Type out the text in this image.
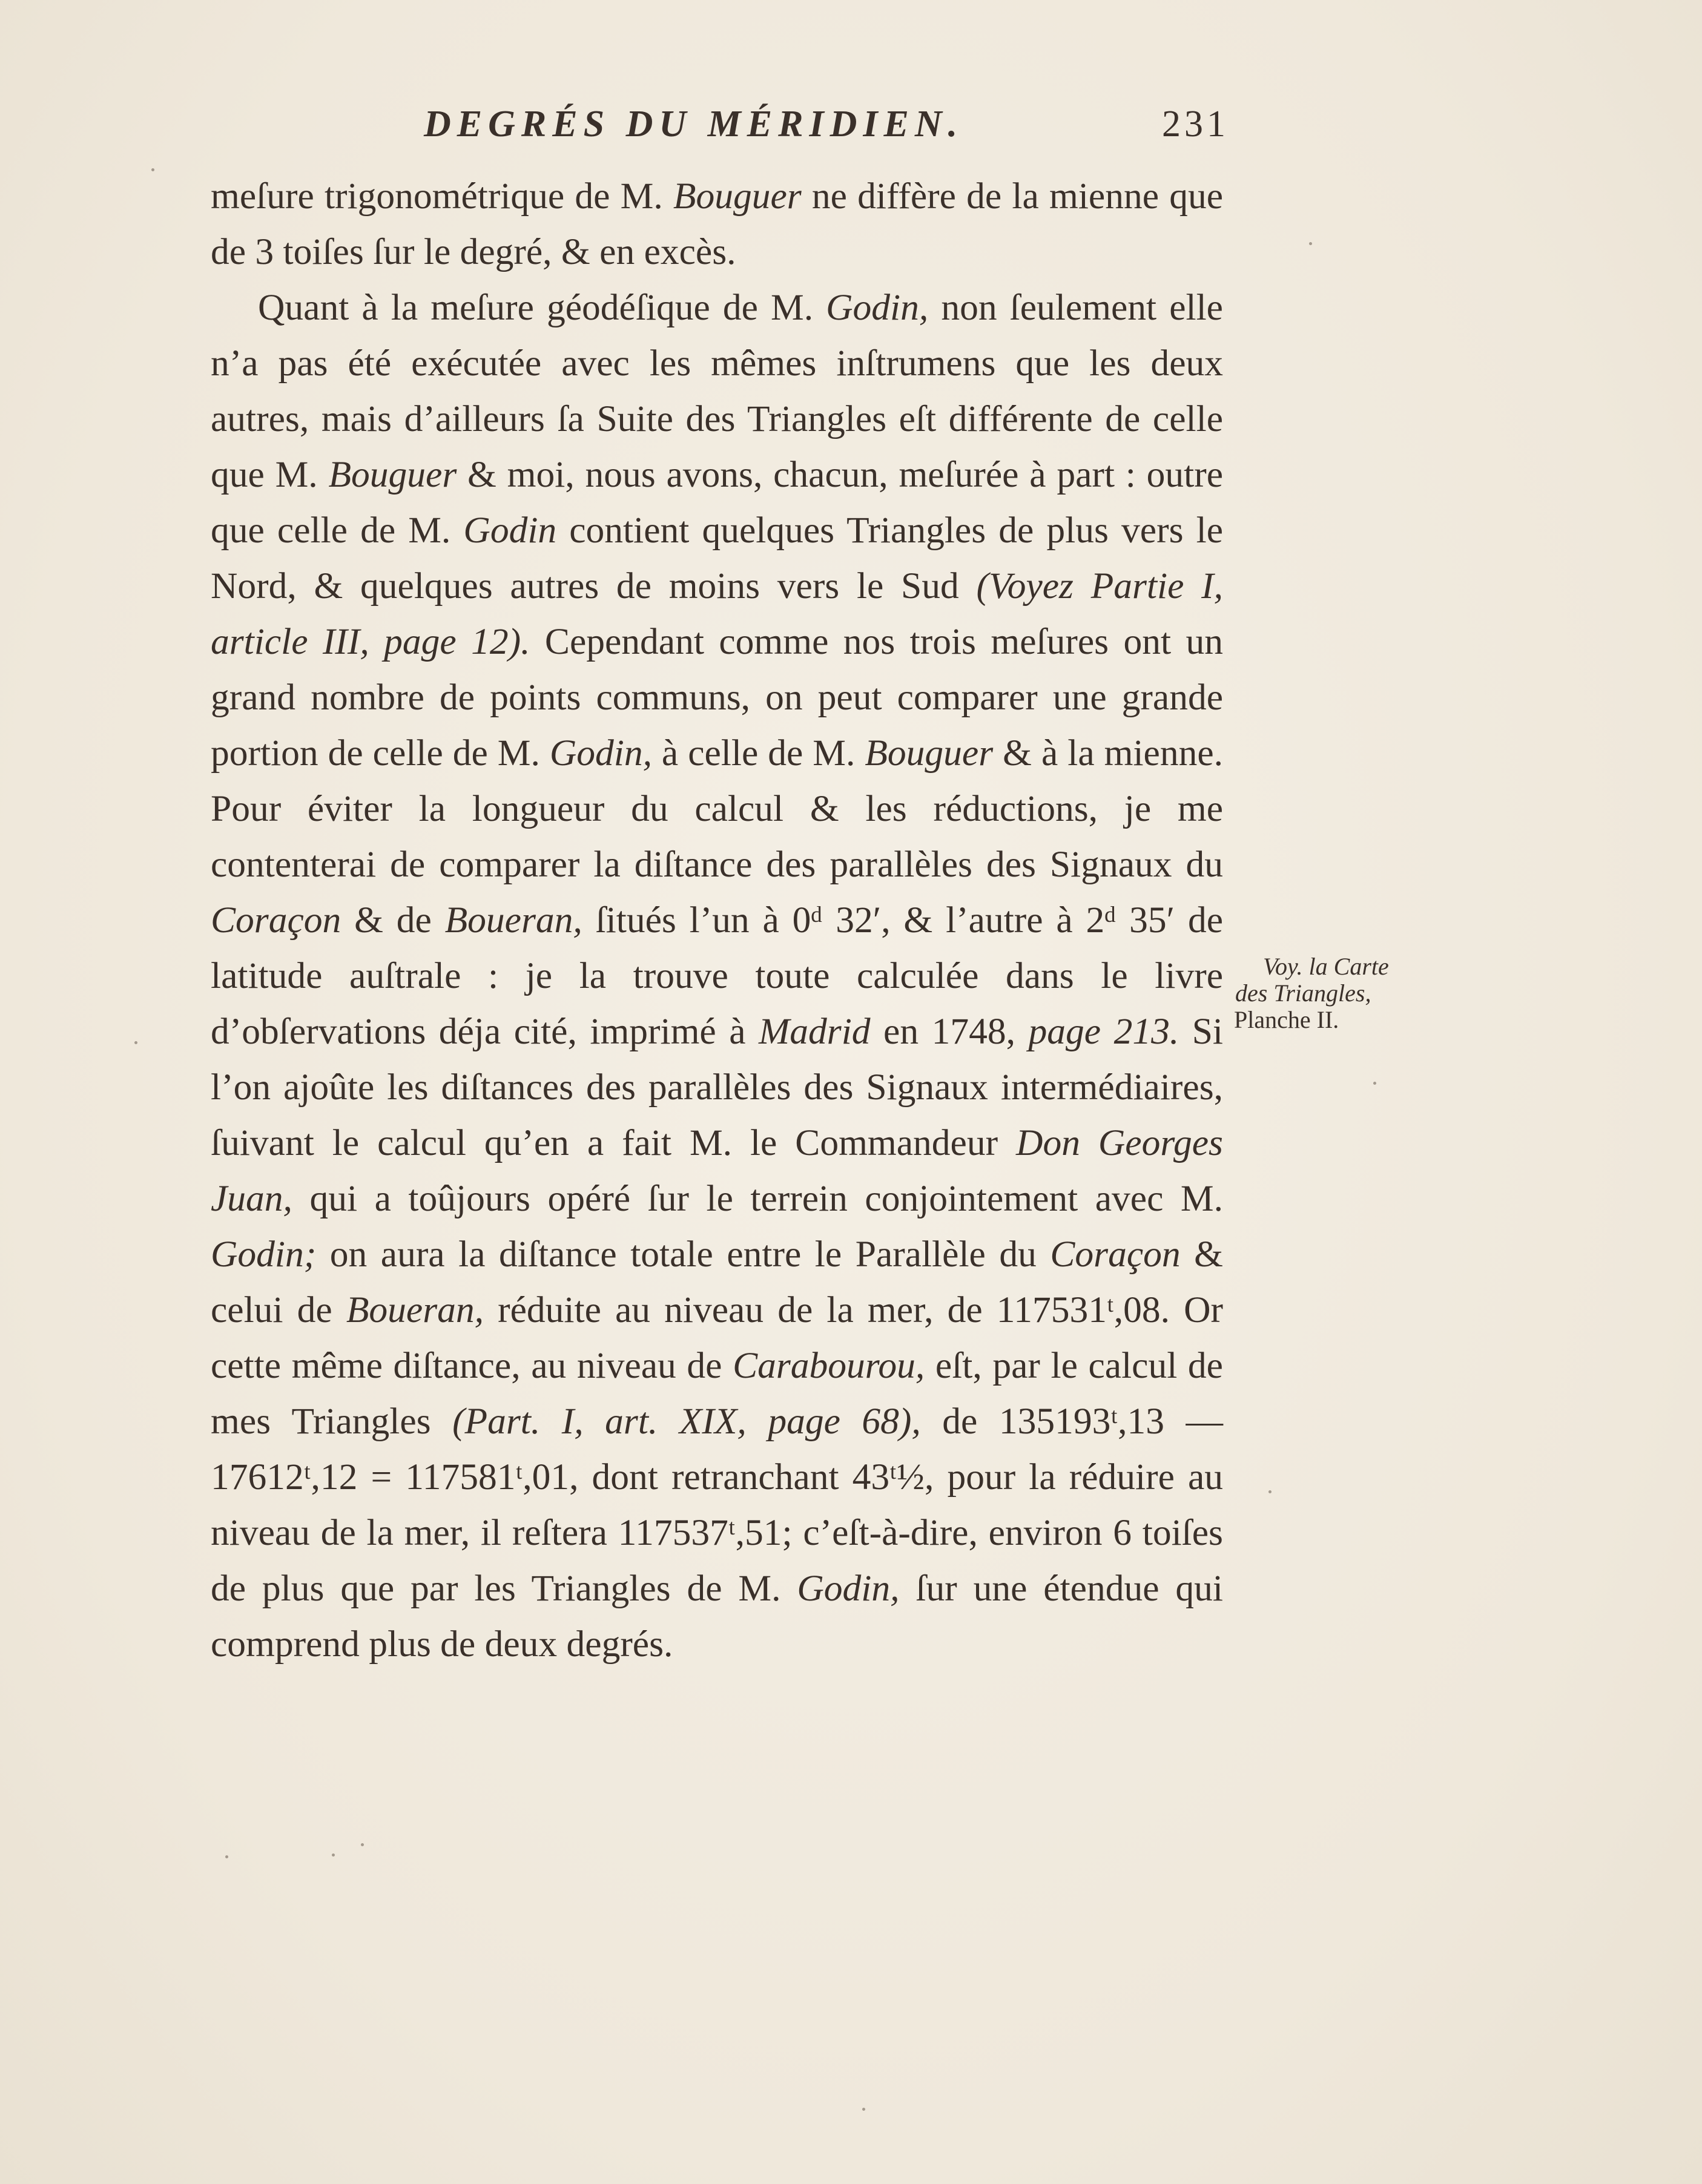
DEGRÉS DU MÉRIDIEN.	231

meſure trigonométrique de M. Bouguer ne diffère de la mienne que de 3 toiſes ſur le degré, & en excès.

Quant à la meſure géodéſique de M. Godin, non ſeulement elle n’a pas été exécutée avec les mêmes inſtrumens que les deux autres, mais d’ailleurs ſa Suite des Triangles eſt différente de celle que M. Bouguer & moi, nous avons, chacun, meſurée à part : outre que celle de M. Godin contient quelques Triangles de plus vers le Nord, & quelques autres de moins vers le Sud (Voyez Partie I, article III, page 12). Cependant comme nos trois meſures ont un grand nombre de points communs, on peut comparer une grande portion de celle de M. Godin, à celle de M. Bouguer & à la mienne. Pour éviter la longueur du calcul & les réductions, je me contenterai de comparer la diſtance des parallèles des Signaux du Coraçon & de Boueran, ſitués l’un à 0ᵈ 32′, & l’autre à 2ᵈ 35′ de latitude auſtrale : je la trouve toute calculée dans le livre d’obſervations déja cité, imprimé à Madrid en 1748, page 213. Si l’on ajoûte les diſtances des parallèles des Signaux intermédiaires, ſuivant le calcul qu’en a fait M. le Commandeur Don Georges Juan, qui a toûjours opéré ſur le terrein conjointement avec M. Godin; on aura la diſtance totale entre le Parallèle du Coraçon & celui de Boueran, réduite au niveau de la mer, de 117531ᵗ,08. Or cette même diſtance, au niveau de Carabourou, eſt, par le calcul de mes Triangles (Part. I, art. XIX, page 68), de 135193ᵗ,13 — 17612ᵗ,12 = 117581ᵗ,01, dont retranchant 43ᵗ½, pour la réduire au niveau de la mer, il reſtera 117537ᵗ,51; c’eſt-à-dire, environ 6 toiſes de plus que par les Triangles de M. Godin, ſur une étendue qui comprend plus de deux degrés.

Voy. la Carte
des Triangles,
Planche II.
